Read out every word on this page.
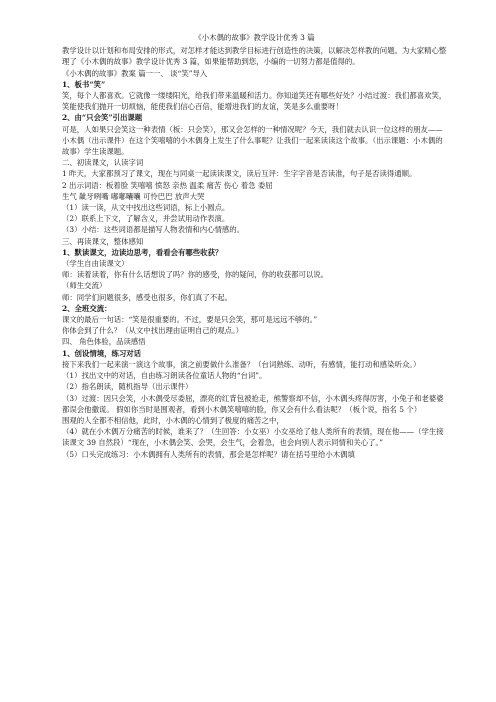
《小木偶的故事》教学设计优秀 3 篇
教学设计以计划和布局安排的形式，对怎样才能达到教学目标进行创造性的决策，以解决怎样教的问题。为大家精心整理了《小木偶的故事》教学设计优秀 3 篇，如果能帮助到您，小编的一切努力都是值得的。
《小木偶的故事》教案 篇一一、 谈“笑”导入
1、板书“笑”
笑，每个人都喜欢。它就像一缕缕阳光，给我们带来温暖和活力。你知道笑还有哪些好处？小结过渡：我们都喜欢笑，笑能使我们抛开一切烦恼，能使我们信心百倍，能增进我们的友谊，笑是多么重要呀！
2、由“只会笑”引出课题
可是，人如果只会笑这一种表情（板：只会笑），那又会怎样的一种情况呢？今天，我们就去认识一位这样的朋友——小木偶（出示课件）在这个笑嘻嘻的小木偶身上发生了什么事呢？让我们一起来读读这个故事。（出示课题：小木偶的故事）学生读课题。
二、初读课文，认读字词
1 昨天，大家都预习了课文，现在与同桌一起读读课文，读后互评：生字字音是否读准，句子是否读得通顺。
2 出示词语：板着脸 笑嘻嘻 愤怒 亲热 温柔 痛苦 伤心 着急 委屈
生气 龇牙咧嘴 嘟嘟囔囔 可怜巴巴 放声大哭
（1）读一读，从文中找出这些词语，标上小圆点。
（2）联系上下文，了解含义，并尝试用动作表演。
（3）小结：这些词语都是描写人物表情和内心情感的。
三、再读课文，整体感知
1、默读课文，边读边思考，看看会有哪些收获？
（学生自由读课文）
师：读着读着，你有什么话想说了吗？你的感受，你的疑问，你的收获都可以说。
（师生交流）
师：同学们问题很多，感受也很多，你们真了不起。
2、全班交流：
课文的最后一句话：“笑是很重要的。不过，要是只会笑，那可是远远不够的。”
你体会到了什么？（从文中找出理由证明自己的观点。）
四、 角色体验，品读感悟
1、创设情境，练习对话
接下来我们一起来演一演这个故事，演之前要做什么准备？（台词熟练、动听，有感情，能打动和感染听众。）
（1）找出文中的对话，自由练习朗读各位童话人物的“台词”。
（2）指名朗读，随机指导（出示课件）
（3）过渡：因只会笑，小木偶受尽委屈，漂亮的红背包被抢走，熊警察却不信，小木偶头疼得厉害，小兔子和老婆婆都误会他撒谎。 假如你当时是围观者，看到小木偶笑嘻嘻的脸，你又会有什么看法呢？（板个说，指名 5 个）
围观的人全都不相信他，此时，小木偶的心情到了极度的痛苦之中，
（4）就在小木偶万分痛苦的时候，谁来了？（生回答：小女巫）小女巫给了他人类所有的表情，现在他——（学生接读课文 39 自然段）“现在，小木偶会笑、会哭，会生气，会着急，也会向别人表示同情和关心了。”
（5）口头完成练习：小木偶拥有人类所有的表情，那会是怎样呢？请在括号里给小木偶填
